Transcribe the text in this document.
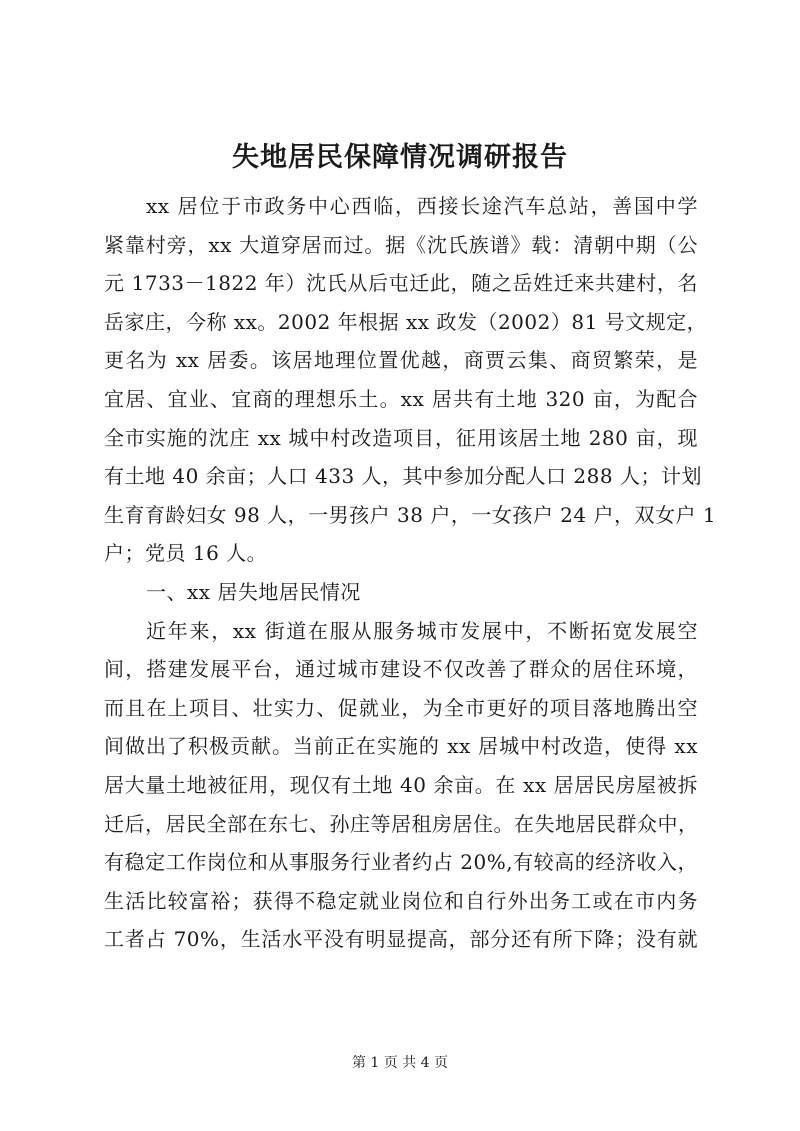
失地居民保障情况调研报告
xx 居位于市政务中心西临，西接长途汽车总站，善国中学
紧靠村旁，xx 大道穿居而过。据《沈氏族谱》载：清朝中期（公
元 1733－1822 年）沈氏从后屯迁此，随之岳姓迁来共建村，名
岳家庄，今称 xx。2002 年根据 xx 政发（2002）81 号文规定，
更名为 xx 居委。该居地理位置优越，商贾云集、商贸繁荣，是
宜居、宜业、宜商的理想乐土。xx 居共有土地 320 亩，为配合
全市实施的沈庄 xx 城中村改造项目，征用该居土地 280 亩，现
有土地 40 余亩；人口 433 人，其中参加分配人口 288 人；计划
生育育龄妇女 98 人，一男孩户 38 户，一女孩户 24 户，双女户 1
户；党员 16 人。
一、xx 居失地居民情况
近年来，xx 街道在服从服务城市发展中，不断拓宽发展空
间，搭建发展平台，通过城市建设不仅改善了群众的居住环境，
而且在上项目、壮实力、促就业，为全市更好的项目落地腾出空
间做出了积极贡献。当前正在实施的 xx 居城中村改造，使得 xx
居大量土地被征用，现仅有土地 40 余亩。在 xx 居居民房屋被拆
迁后，居民全部在东七、孙庄等居租房居住。在失地居民群众中，
有稳定工作岗位和从事服务行业者约占 20%,有较高的经济收入，
生活比较富裕；获得不稳定就业岗位和自行外出务工或在市内务
工者占 70%，生活水平没有明显提高，部分还有所下降；没有就
第 1 页 共 4 页
